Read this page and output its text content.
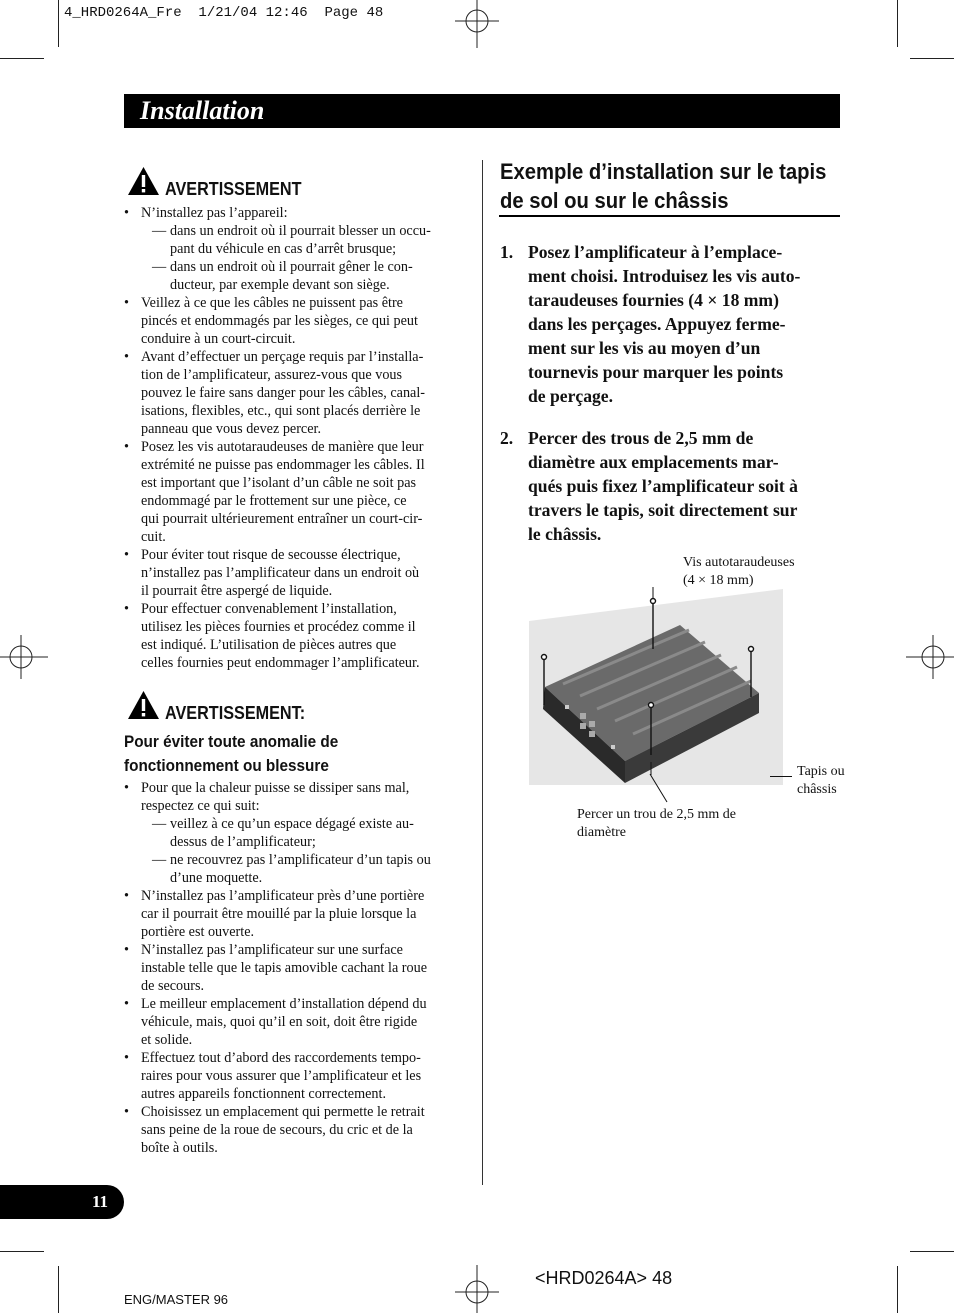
4_HRD0264A_Fre  1/21/04 12:46  Page 48
Installation
AVERTISSEMENT
• N’installez pas l’appareil:
— dans un endroit où il pourrait blesser un occu-
pant du véhicule en cas d’arrêt brusque;
— dans un endroit où il pourrait gêner le con-
ducteur, par exemple devant son siège.
• Veillez à ce que les câbles ne puissent pas être
pincés et endommagés par les sièges, ce qui peut
conduire à un court-circuit.
• Avant d’effectuer un perçage requis par l’installa-
tion de l’amplificateur, assurez-vous que vous
pouvez le faire sans danger pour les câbles, canal-
isations, flexibles, etc., qui sont placés derrière le
panneau que vous devez percer.
• Posez les vis autotaraudeuses de manière que leur
extrémité ne puisse pas endommager les câbles. Il
est important que l’isolant d’un câble ne soit pas
endommagé par le frottement sur une pièce, ce
qui pourrait ultérieurement entraîner un court-cir-
cuit.
• Pour éviter tout risque de secousse électrique,
n’installez pas l’amplificateur dans un endroit où
il pourrait être aspergé de liquide.
• Pour effectuer convenablement l’installation,
utilisez les pièces fournies et procédez comme il
est indiqué. L’utilisation de pièces autres que
celles fournies peut endommager l’amplificateur.
AVERTISSEMENT:
Pour éviter toute anomalie de
fonctionnement ou blessure
• Pour que la chaleur puisse se dissiper sans mal,
respectez ce qui suit:
— veillez à ce qu’un espace dégagé existe au-
dessus de l’amplificateur;
— ne recouvrez pas l’amplificateur d’un tapis ou
d’une moquette.
• N’installez pas l’amplificateur près d’une portière
car il pourrait être mouillé par la pluie lorsque la
portière est ouverte.
• N’installez pas l’amplificateur sur une surface
instable telle que le tapis amovible cachant la roue
de secours.
• Le meilleur emplacement d’installation dépend du
véhicule, mais, quoi qu’il en soit, doit être rigide
et solide.
• Effectuez tout d’abord des raccordements tempo-
raires pour vous assurer que l’amplificateur et les
autres appareils fonctionnent correctement.
• Choisissez un emplacement qui permette le retrait
sans peine de la roue de secours, du cric et de la
boîte à outils.
Exemple d’installation sur le tapis
de sol ou sur le châssis
1. Posez l’amplificateur à l’emplace-
ment choisi. Introduisez les vis auto-
taraudeuses fournies (4 × 18 mm)
dans les perçages. Appuyez ferme-
ment sur les vis au moyen d’un
tournevis pour marquer les points
de perçage.
2. Percer des trous de 2,5 mm de
diamètre aux emplacements mar-
qués puis fixez l’amplificateur soit à
travers le tapis, soit directement sur
le châssis.
Vis autotaraudeuses
(4 × 18 mm)
Tapis ou
châssis
Percer un trou de 2,5 mm de
diamètre
11
<HRD0264A> 48
ENG/MASTER 96
